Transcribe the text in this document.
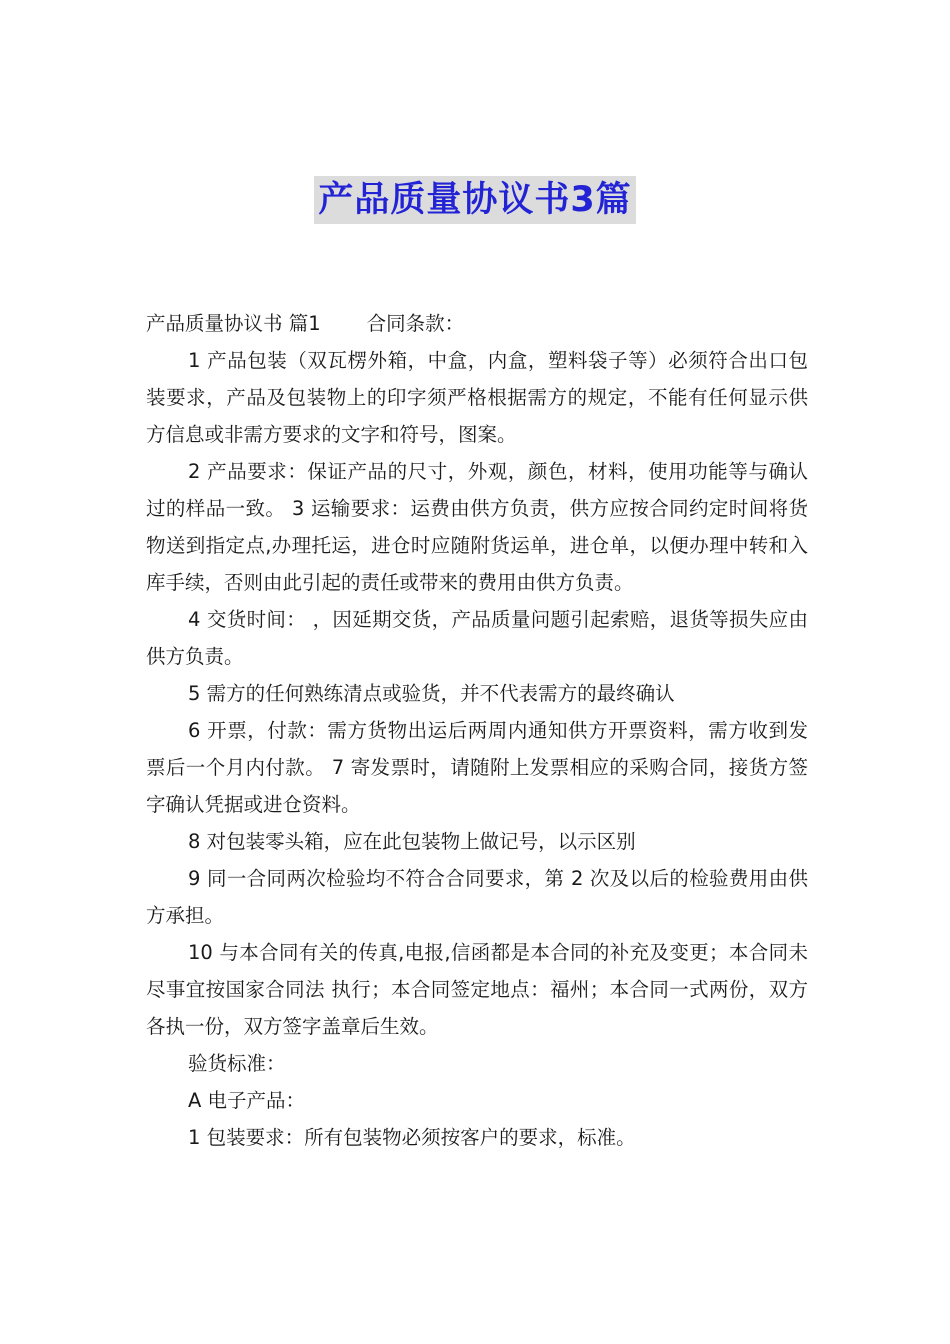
产品质量协议书3篇

产品质量协议书 篇1 合同条款：

1 产品包装（双瓦楞外箱，中盒，内盒，塑料袋子等）必须符合出口包装要求，产品及包装物上的印字须严格根据需方的规定，不能有任何显示供方信息或非需方要求的文字和符号，图案。

2 产品要求：保证产品的尺寸，外观，颜色，材料，使用功能等与确认过的样品一致。 3 运输要求：运费由供方负责，供方应按合同约定时间将货物送到指定点,办理托运，进仓时应随附货运单，进仓单，以便办理中转和入库手续，否则由此引起的责任或带来的费用由供方负责。

4 交货时间： ，因延期交货，产品质量问题引起索赔，退货等损失应由供方负责。

5 需方的任何熟练清点或验货，并不代表需方的最终确认

6 开票，付款：需方货物出运后两周内通知供方开票资料，需方收到发票后一个月内付款。 7 寄发票时，请随附上发票相应的采购合同，接货方签字确认凭据或进仓资料。

8 对包装零头箱，应在此包装物上做记号，以示区别

9 同一合同两次检验均不符合合同要求，第 2 次及以后的检验费用由供方承担。

10 与本合同有关的传真,电报,信函都是本合同的补充及变更；本合同未尽事宜按国家合同法 执行；本合同签定地点：福州；本合同一式两份，双方各执一份，双方签字盖章后生效。

验货标准：

A 电子产品：

1 包装要求：所有包装物必须按客户的要求，标准。
